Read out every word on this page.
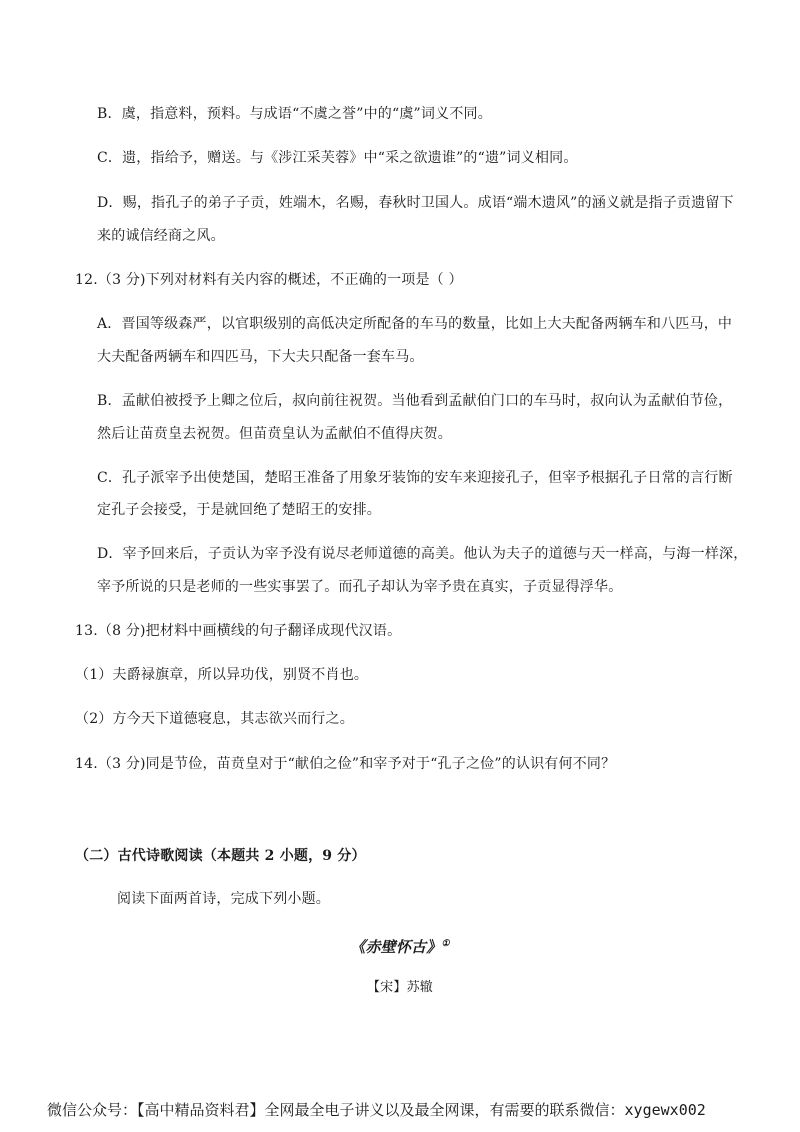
B．虞，指意料，预料。与成语“不虞之誉”中的“虞”词义不同。
C．遗，指给予，赠送。与《涉江采芙蓉》中“采之欲遗谁”的“遗”词义相同。
D．赐，指孔子的弟子子贡，姓端木，名赐，春秋时卫国人。成语“端木遗风”的涵义就是指子贡遗留下
来的诚信经商之风。
12.（3 分)下列对材料有关内容的概述，不正确的一项是（ ）
A．晋国等级森严，以官职级别的高低决定所配备的车马的数量，比如上大夫配备两辆车和八匹马，中
大夫配备两辆车和四匹马，下大夫只配备一套车马。
B．孟献伯被授予上卿之位后，叔向前往祝贺。当他看到孟献伯门口的车马时，叔向认为孟献伯节俭，
然后让苗贲皇去祝贺。但苗贲皇认为孟献伯不值得庆贺。
C．孔子派宰予出使楚国，楚昭王准备了用象牙装饰的安车来迎接孔子，但宰予根据孔子日常的言行断
定孔子会接受，于是就回绝了楚昭王的安排。
D．宰予回来后，子贡认为宰予没有说尽老师道德的高美。他认为夫子的道德与天一样高，与海一样深，
宰予所说的只是老师的一些实事罢了。而孔子却认为宰予贵在真实，子贡显得浮华。
13.（8 分)把材料中画横线的句子翻译成现代汉语。
（1）夫爵禄旗章，所以异功伐，别贤不肖也。
（2）方今天下道德寝息，其志欲兴而行之。
14.（3 分)同是节俭，苗贲皇对于“献伯之俭”和宰予对于“孔子之俭”的认识有何不同？
（二）古代诗歌阅读（本题共 2 小题，9 分）
阅读下面两首诗，完成下列小题。
《赤壁怀古》①
【宋】苏辙
微信公众号：【高中精品资料君】全网最全电子讲义以及最全网课，有需要的联系微信：xygewx002
